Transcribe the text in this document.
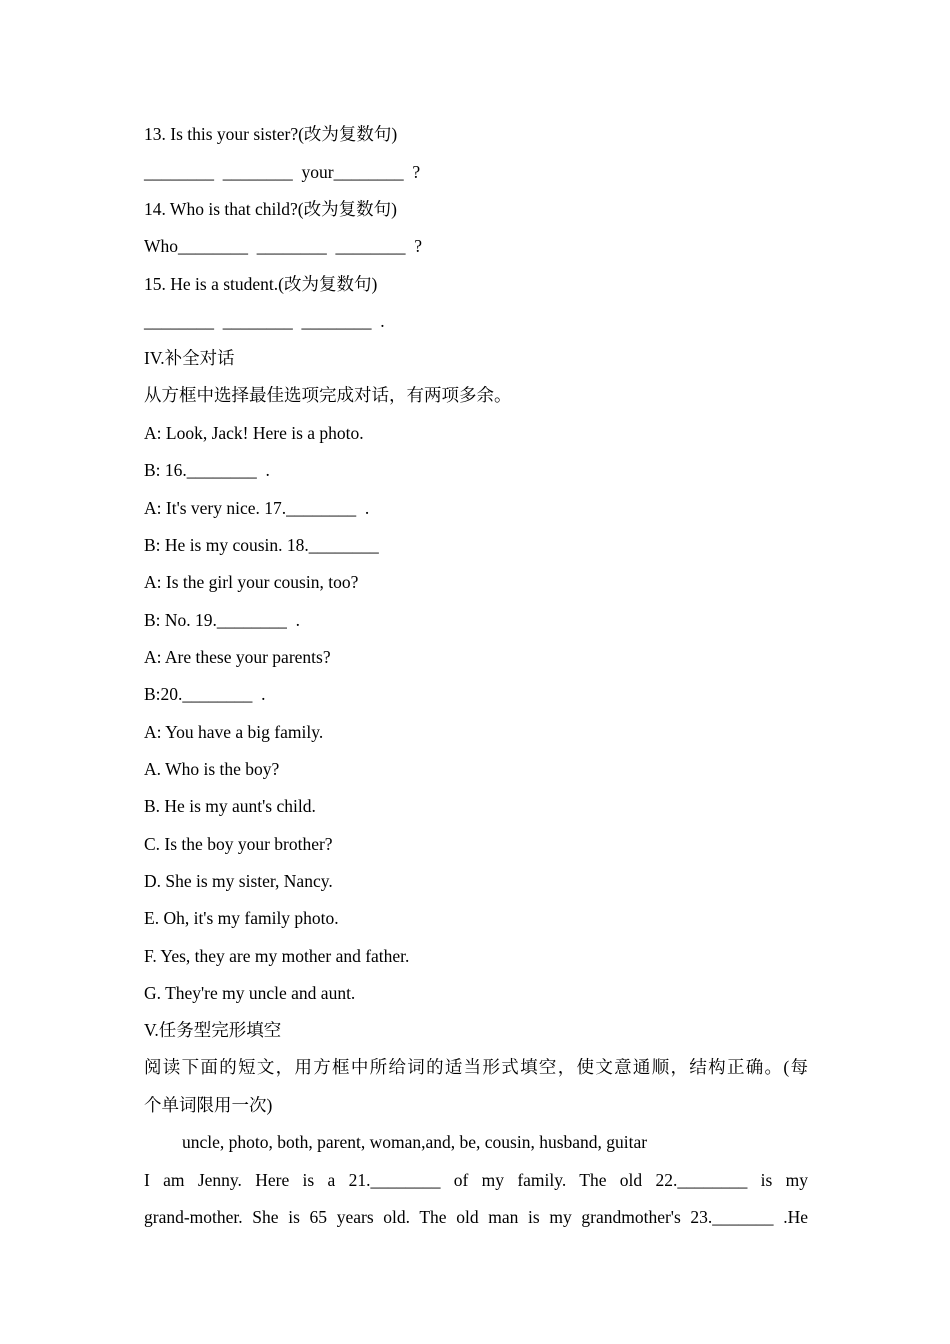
13. Is this your sister?(改为复数句)
________  ________  your________  ?
14. Who is that child?(改为复数句)
Who________  ________  ________  ?
15. He is a student.(改为复数句)
________  ________  ________  .
IV.补全对话
从方框中选择最佳选项完成对话，有两项多余。
A: Look, Jack! Here is a photo.
B: 16.________  .
A: It's very nice. 17.________  .
B: He is my cousin. 18.________
A: Is the girl your cousin, too?
B: No. 19.________  .
A: Are these your parents?
B:20.________  .
A: You have a big family.
A. Who is the boy?
B. He is my aunt's child.
C. Is the boy your brother?
D. She is my sister, Nancy.
E. Oh, it's my family photo.
F. Yes, they are my mother and father.
G. They're my uncle and aunt.
V.任务型完形填空
阅读下面的短文，用方框中所给词的适当形式填空，使文意通顺，结构正确。(每
个单词限用一次)
uncle, photo, both, parent, woman,and, be, cousin, husband, guitar
I am Jenny. Here is a 21.________ of my family. The old 22.________ is my
grand-mother. She is 65 years old. The old man is my grandmother's 23._______ .He
